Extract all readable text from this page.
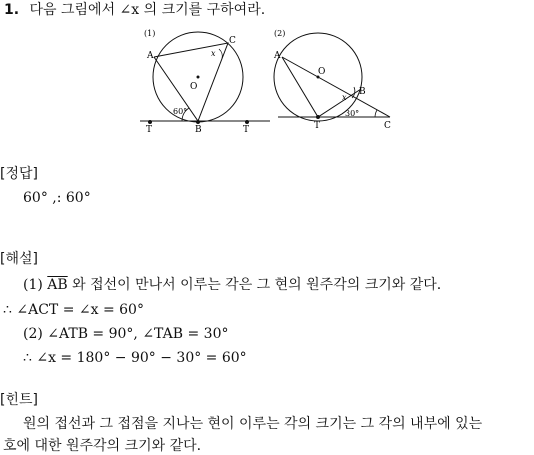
1. 다음 그림에서 ∠x 의 크기를 구하여라.
(1)
A
C
O
x
60°
T	B	T
(2)
A
O
x
B
30°
T	C
[정답]
60° ,: 60°
[해설]
(1) $\overline{AB}$ 와 접선이 만나서 이루는 각은 그 현의 원주각의 크기와 같다.
∴ ∠ACT = ∠x = 60°
(2) ∠ATB = 90°, ∠TAB = 30°
∴ ∠x = 180° − 90° − 30° = 60°
[힌트]
원의 접선과 그 접점을 지나는 현이 이루는 각의 크기는 그 각의 내부에 있는
호에 대한 원주각의 크기와 같다.
